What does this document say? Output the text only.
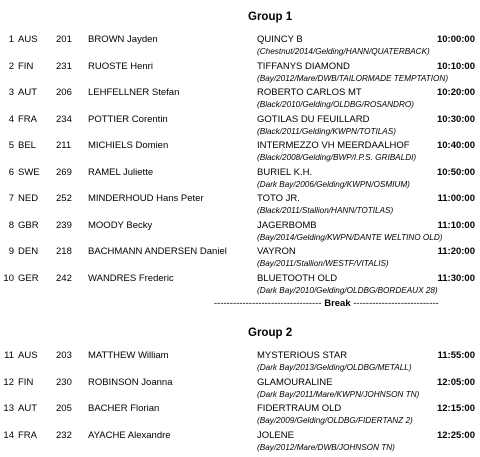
Group 1
1 AUS 201 BROWN Jayden	QUINCY B	10:00:00
(Chestnut/2014/Gelding/HANN/QUATERBACK)
2 FIN 231 RUOSTE Henri	TIFFANYS DIAMOND	10:10:00
(Bay/2012/Mare/DWB/TAILORMADE TEMPTATION)
3 AUT 206 LEHFELLNER Stefan	ROBERTO CARLOS MT	10:20:00
(Black/2010/Gelding/OLDBG/ROSANDRO)
4 FRA 234 POTTIER Corentin	GOTILAS DU FEUILLARD	10:30:00
(Black/2011/Gelding/KWPN/TOTILAS)
5 BEL 211 MICHIELS Domien	INTERMEZZO VH MEERDAALHOF	10:40:00
(Black/2008/Gelding/BWP/I.P.S. GRIBALDI)
6 SWE 269 RAMEL Juliette	BURIEL K.H.	10:50:00
(Dark Bay/2006/Gelding/KWPN/OSMIUM)
7 NED 252 MINDERHOUD Hans Peter	TOTO JR.	11:00:00
(Black/2011/Stallion/HANN/TOTILAS)
8 GBR 239 MOODY Becky	JAGERBOMB	11:10:00
(Bay/2014/Gelding/KWPN/DANTE WELTINO OLD)
9 DEN 218 BACHMANN ANDERSEN Daniel	VAYRON	11:20:00
(Bay/2011/Stallion/WESTF/VITALIS)
10 GER 242 WANDRES Frederic	BLUETOOTH OLD	11:30:00
(Dark Bay/2010/Gelding/OLDBG/BORDEAUX 28)
---------------------------------- Break ---------------------------
Group 2
11 AUS 203 MATTHEW William	MYSTERIOUS STAR	11:55:00
(Dark Bay/2013/Gelding/OLDBG/METALL)
12 FIN 230 ROBINSON Joanna	GLAMOURALINE	12:05:00
(Dark Bay/2011/Mare/KWPN/JOHNSON TN)
13 AUT 205 BACHER Florian	FIDERTRAUM OLD	12:15:00
(Bay/2009/Gelding/OLDBG/FIDERTANZ 2)
14 FRA 232 AYACHE Alexandre	JOLENE	12:25:00
(Bay/2012/Mare/DWB/JOHNSON TN)
